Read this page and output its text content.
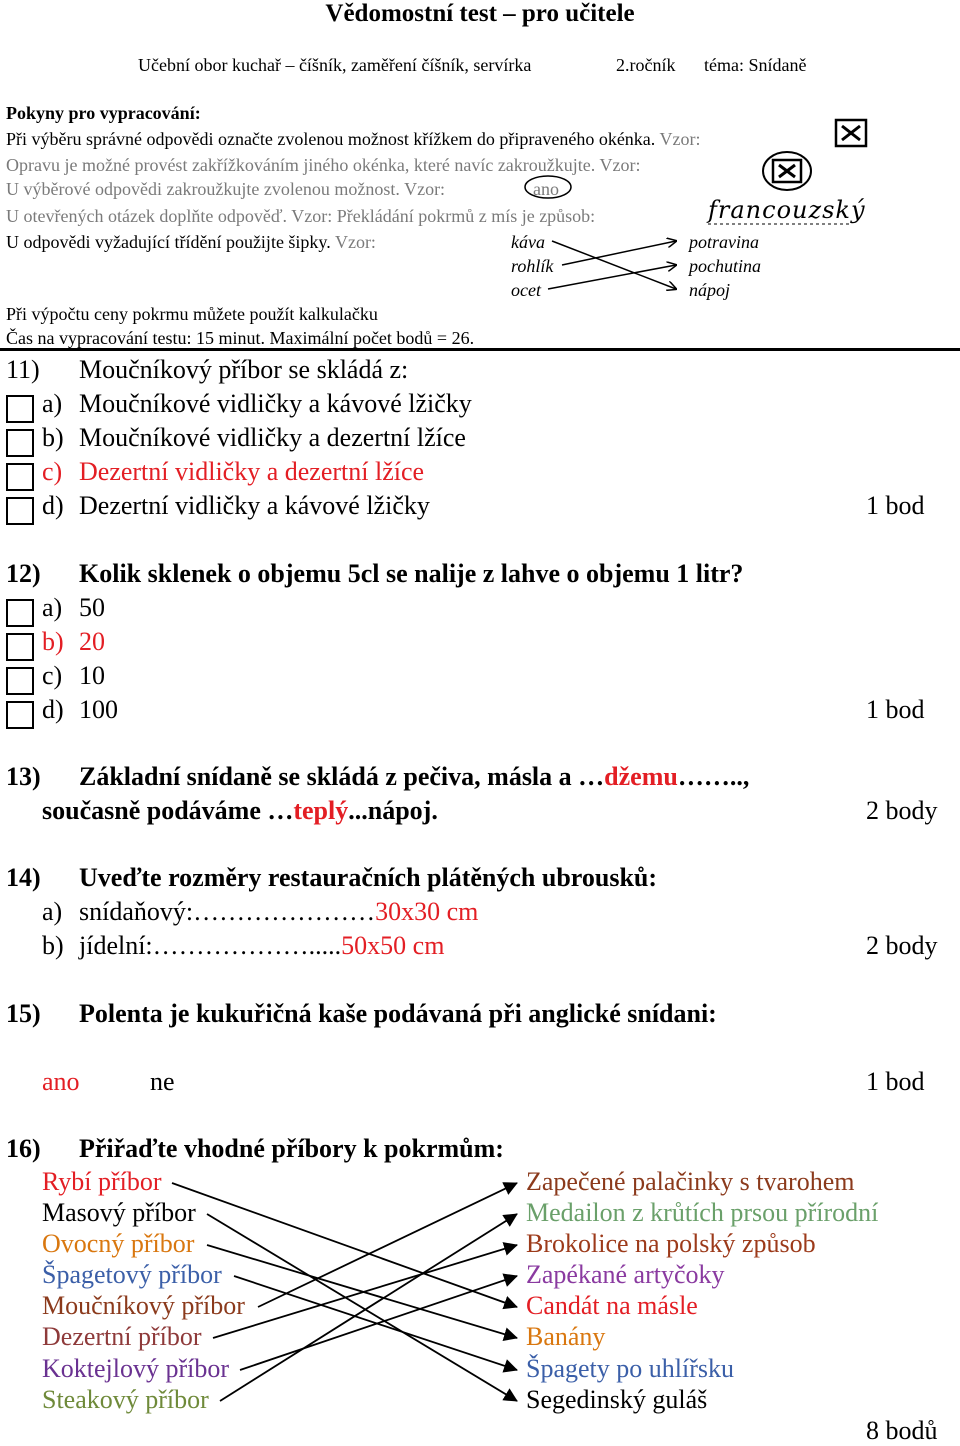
Vědomostní test – pro učitele
Učební obor kuchař – číšník, zaměření číšník, servírka	2.ročník téma: Snídaně
Pokyny pro vypracování:
Při výběru správné odpovědi označte zvolenou možnost křížkem do připraveného okénka. Vzor:
Opravu je možné provést zakřížkováním jiného okénka, které navíc zakroužkujte. Vzor:
U výběrové odpovědi zakroužkujte zvolenou možnost. Vzor:	ano
U otevřených otázek doplňte odpověď. Vzor: Překládání pokrmů z mís je způsob:	francouzský
U odpovědi vyžadující třídění použijte šipky. Vzor:	káva
rohlík
ocet
potravina
pochutina
nápoj
Při výpočtu ceny pokrmu můžete použít kalkulačku
Čas na vypracování testu: 15 minut. Maximální počet bodů = 26.
11) Moučníkový příbor se skládá z:
a) Moučníkové vidličky a kávové lžičky
b) Moučníkové vidličky a dezertní lžíce
c) Dezertní vidličky a dezertní lžíce
d) Dezertní vidličky a kávové lžičky	1 bod
12) Kolik sklenek o objemu 5cl se nalije z lahve o objemu 1 litr?
a) 50
b) 20
c) 10
d) 100	1 bod
13) Základní snídaně se skládá z pečiva, másla a …džemu……..,
současně podáváme …teplý...nápoj.	2 body
14) Uveďte rozměry restauračních plátěných ubrousků:
a) snídaňový:…………………30x30 cm
b) jídelní:……………….....50x50 cm	2 body
15) Polenta je kukuřičná kaše podávaná při anglické snídani:
ano	ne	1 bod
16) Přiřaďte vhodné příbory k pokrmům:
Rybí příbor
Masový příbor
Ovocný příbor
Špagetový příbor
Moučníkový příbor
Dezertní příbor
Koktejlový příbor
Steakový příbor
Zapečené palačinky s tvarohem
Medailon z krůtích prsou přírodní
Brokolice na polský způsob
Zapékané artyčoky
Candát na másle
Banány
Špagety po uhlířsku
Segedinský guláš
8 bodů
